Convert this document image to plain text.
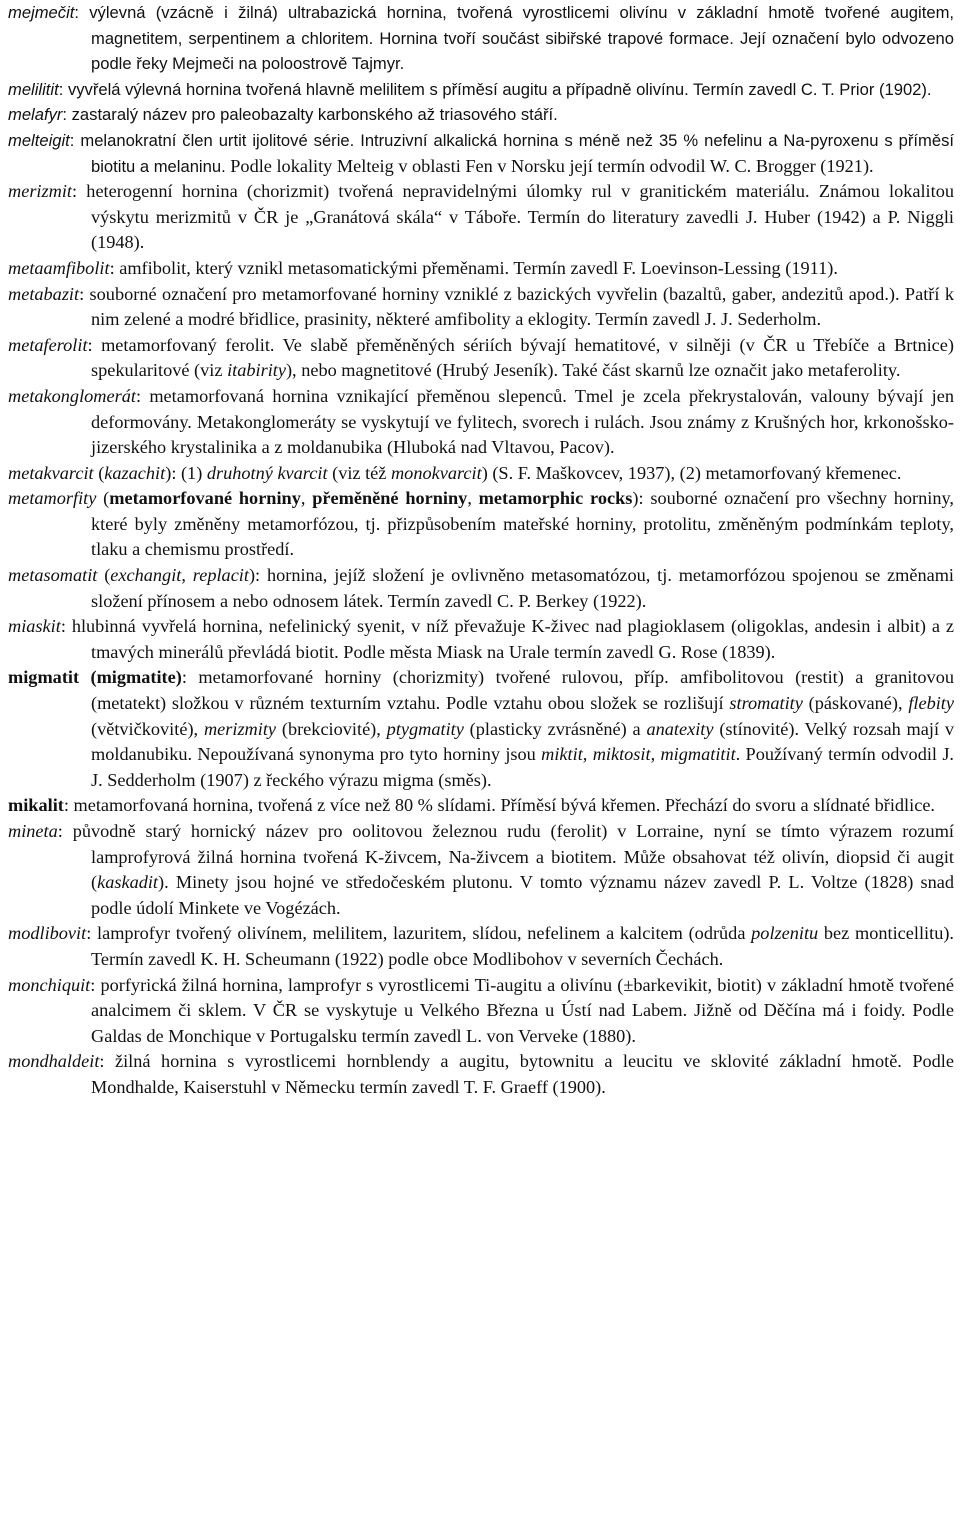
mejmečit: výlevná (vzácně i žilná) ultrabazická hornina, tvořená vyrostlicemi olivínu v základní hmotě tvořené augitem, magnetitem, serpentinem a chloritem. Hornina tvoří součást sibiřské trapové formace. Její označení bylo odvozeno podle řeky Mejmeči na poloostrově Tajmyr.

melilitit: vyvřelá výlevná hornina tvořená hlavně melilitem s příměsí augitu a případně olivínu. Termín zavedl C. T. Prior (1902).

melafyr: zastaralý název pro paleobazalty karbonského až triasového stáří.

melteigit: melanokratní člen urtit ijolitové série. Intruzivní alkalická hornina s méně než 35 % nefelinu a Na-pyroxenu s příměsí biotitu a melaninu. Podle lokality Melteig v oblasti Fen v Norsku její termín odvodil W. C. Brogger (1921).

merizmit: heterogenní hornina (chorizmit) tvořená nepravidelnými úlomky rul v granitickém materiálu. Známou lokalitou výskytu merizmitů v ČR je „Granátová skála“ v Táboře. Termín do literatury zavedli J. Huber (1942) a P. Niggli (1948).

metaamfibolit: amfibolit, který vznikl metasomatickými přeměnami. Termín zavedl F. Loevinson-Lessing (1911).

metabazit: souborné označení pro metamorfované horniny vzniklé z bazických vyvřelin (bazaltů, gaber, andezitů apod.). Patří k nim zelené a modré břidlice, prasinity, některé amfibolity a eklogity. Termín zavedl J. J. Sederholm.

metaferolit: metamorfovaný ferolit. Ve slabě přeměněných sériích bývají hematitové, v silněji (v ČR u Třebíče a Brtnice) spekularitové (viz itabirity), nebo magnetitové (Hrubý Jeseník). Také část skarnů lze označit jako metaferolity.

metakonglomerát: metamorfovaná hornina vznikající přeměnou slepenců. Tmel je zcela překrystalován, valouny bývají jen deformovány. Metakonglomeráty se vyskytují ve fylitech, svorech i rulách. Jsou známy z Krušných hor, krkonošsko-jizerského krystalinika a z moldanubika (Hluboká nad Vltavou, Pacov).

metakvarcit (kazachit): (1) druhotný kvarcit (viz též monokvarcit) (S. F. Maškovcev, 1937), (2) metamorfovaný křemenec.

metamorfity (metamorfované horniny, přeměněné horniny, metamorphic rocks): souborné označení pro všechny horniny, které byly změněny metamorfózou, tj. přizpůsobením mateřské horniny, protolitu, změněným podmínkám teploty, tlaku a chemismu prostředí.

metasomatit (exchangit, replacit): hornina, jejíž složení je ovlivněno metasomatózou, tj. metamorfózou spojenou se změnami složení přínosem a nebo odnosem látek. Termín zavedl C. P. Berkey (1922).

miaskit: hlubinná vyvřelá hornina, nefelinický syenit, v níž převažuje K-živec nad plagioklasem (oligoklas, andesin i albit) a z tmavých minerálů převládá biotit. Podle města Miask na Urale termín zavedl G. Rose (1839).

migmatit (migmatite): metamorfované horniny (chorizmity) tvořené rulovou, příp. amfibolitovou (restit) a granitovou (metatekt) složkou v různém texturním vztahu. Podle vztahu obou složek se rozlišují stromatity (páskované), flebity (větvičkovité), merizmity (brekciovité), ptygmatity (plasticky zvrásněné) a anatexity (stínovité). Velký rozsah mají v moldanubiku. Nepoužívaná synonyma pro tyto horniny jsou miktit, miktosit, migmatitit. Používaný termín odvodil J. J. Sedderholm (1907) z řeckého výrazu migma (směs).

mikalit: metamorfovaná hornina, tvořená z více než 80 % slídami. Příměsí bývá křemen. Přechází do svoru a slídnaté břidlice.

mineta: původně starý hornický název pro oolitovou železnou rudu (ferolit) v Lorraine, nyní se tímto výrazem rozumí lamprofyrová žilná hornina tvořená K-živcem, Na-živcem a biotitem. Může obsahovat též olivín, diopsid či augit (kaskadit). Minety jsou hojné ve středočeském plutonu. V tomto významu název zavedl P. L. Voltze (1828) snad podle údolí Minkete ve Vogézách.

modlibovit: lamprofyr tvořený olivínem, melilitem, lazuritem, slídou, nefelinem a kalcitem (odrůda polzenitu bez monticellitu). Termín zavedl K. H. Scheumann (1922) podle obce Modlibohov v severních Čechách.

monchiquit: porfyrická žilná hornina, lamprofyr s vyrostlicemi Ti-augitu a olivínu (±barkevikit, biotit) v základní hmotě tvořené analcimem či sklem. V ČR se vyskytuje u Velkého Března u Ústí nad Labem. Jižně od Děčína má i foidy. Podle Galdas de Monchique v Portugalsku termín zavedl L. von Verveke (1880).

mondhaldeit: žilná hornina s vyrostlicemi hornblendy a augitu, bytownitu a leucitu ve sklovité základní hmotě. Podle Mondhalde, Kaiserstuhl v Německu termín zavedl T. F. Graeff (1900).
